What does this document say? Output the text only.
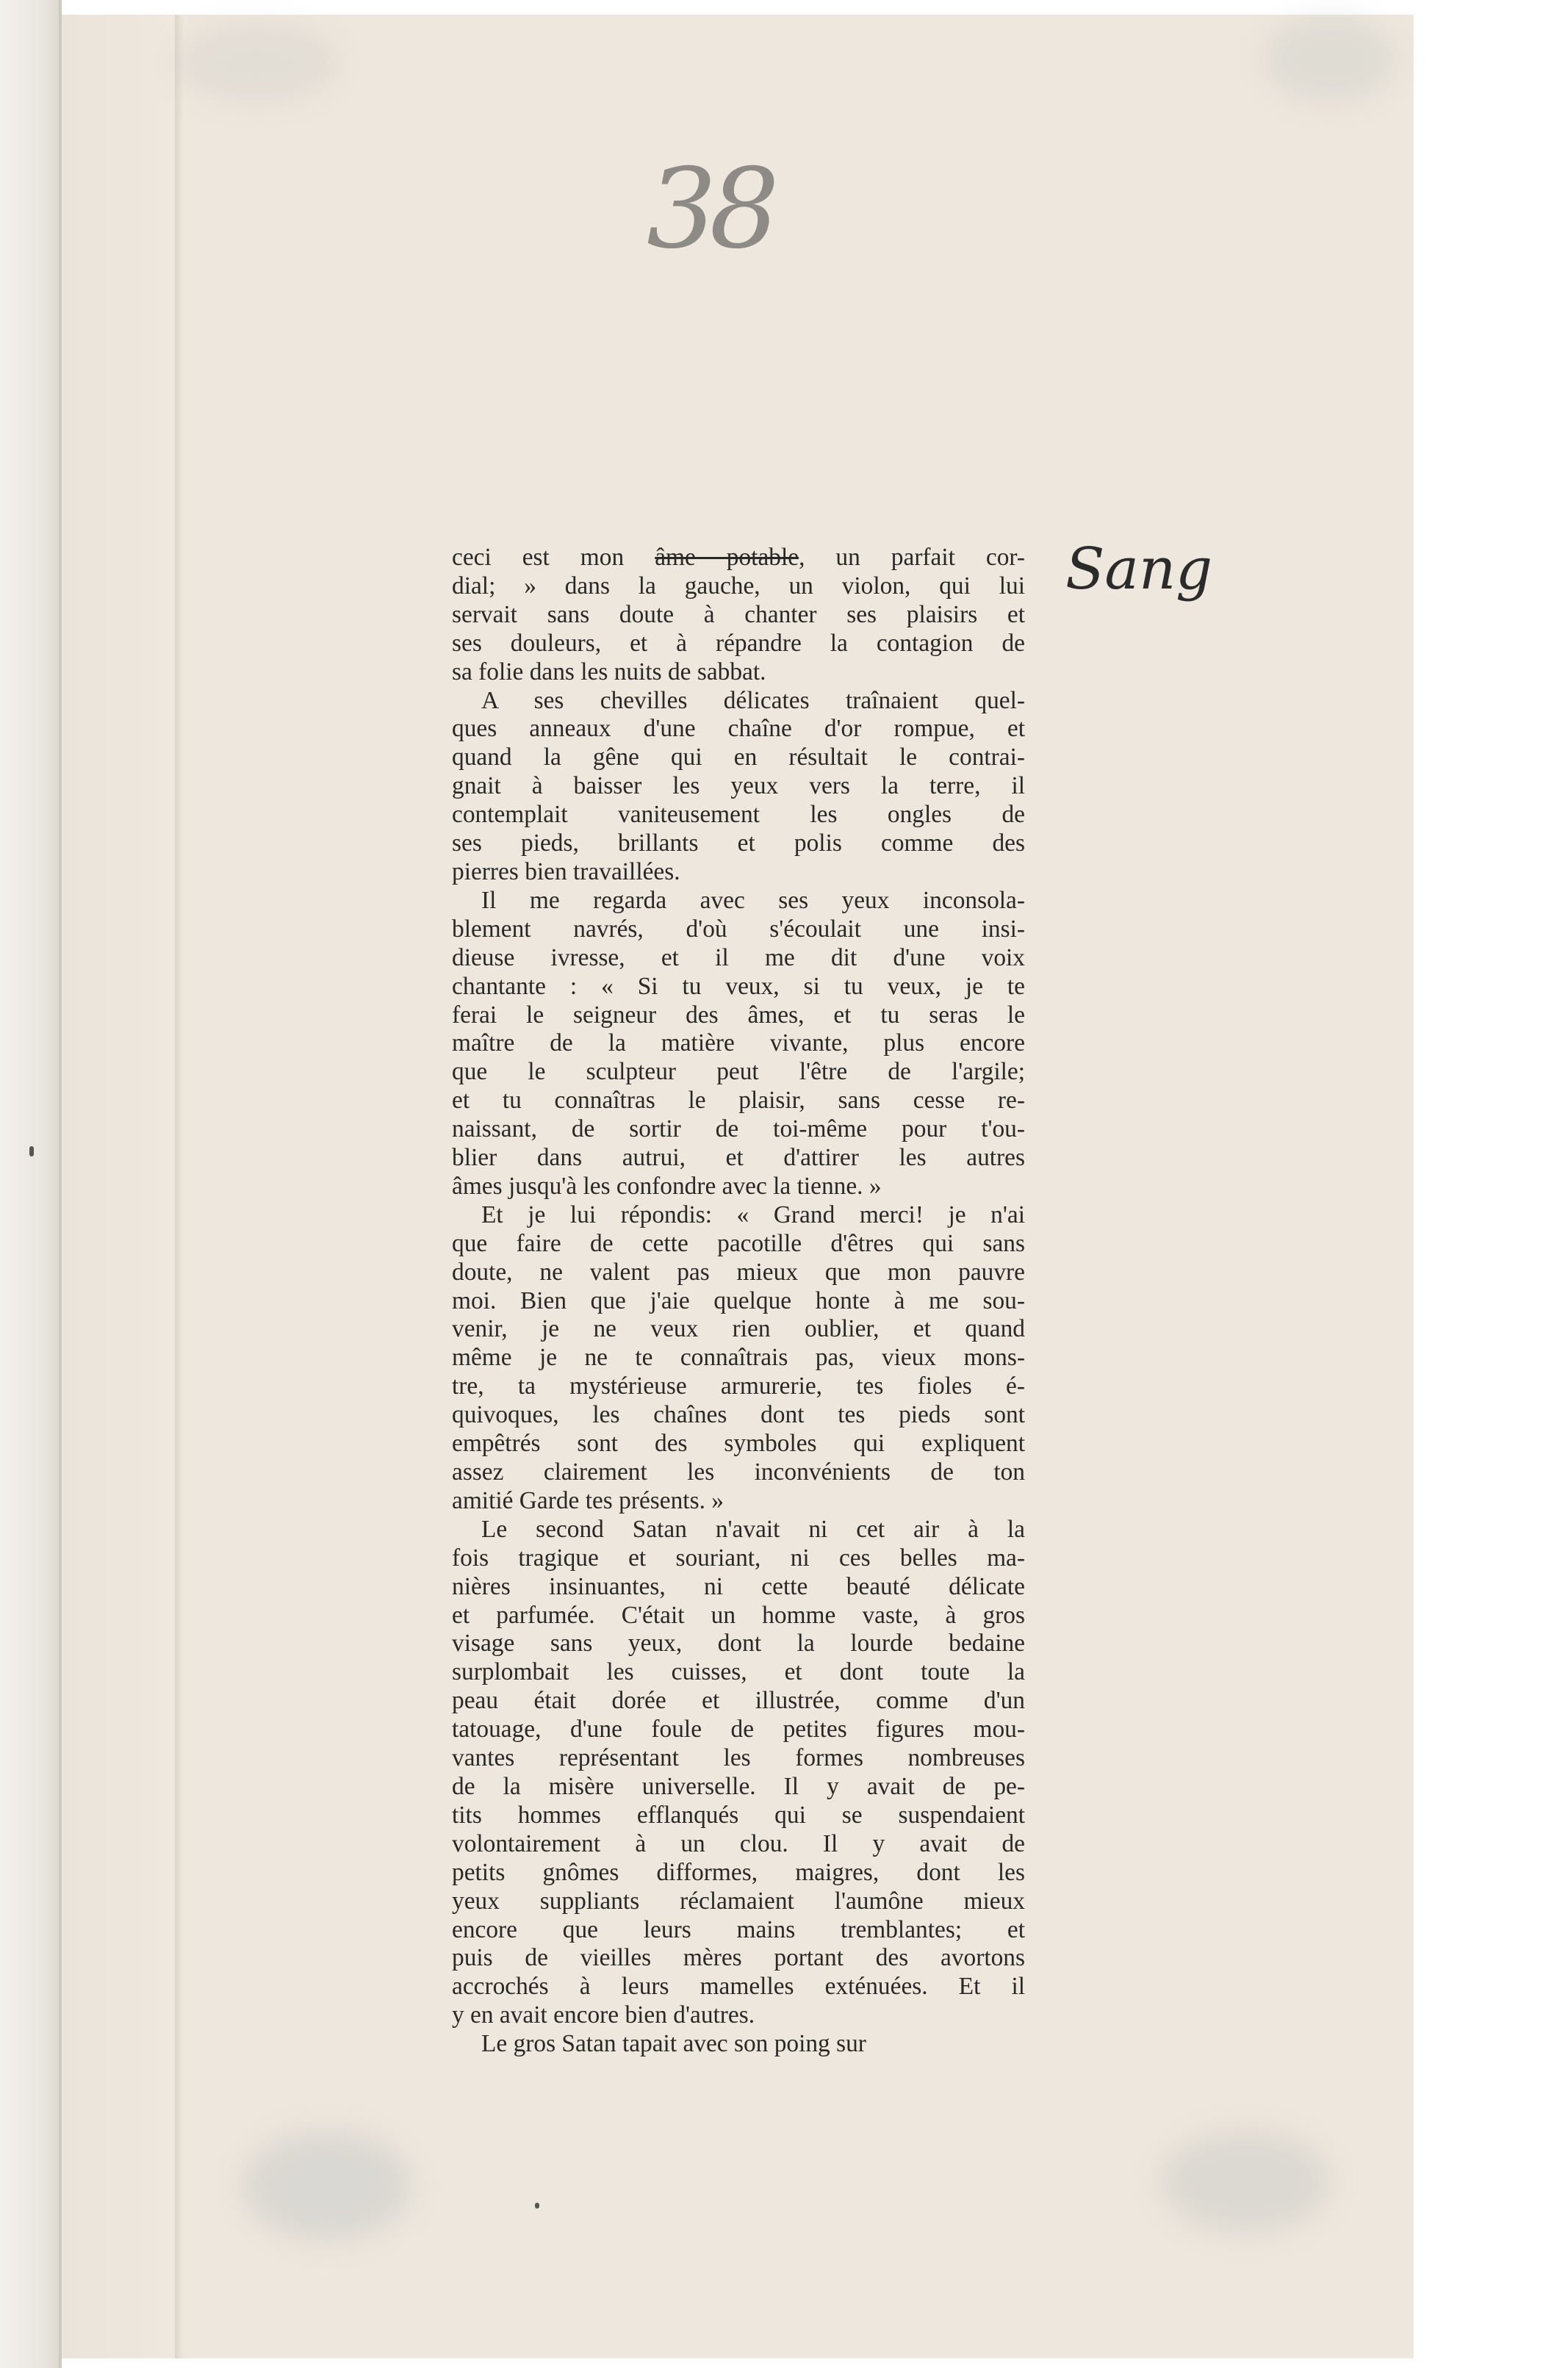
38
Sang
ceci est mon âme potable, un parfait cor-
dial; » dans la gauche, un violon, qui lui
servait sans doute à chanter ses plaisirs et
ses douleurs, et à répandre la contagion de
sa folie dans les nuits de sabbat.
A ses chevilles délicates traînaient quel-
ques anneaux d'une chaîne d'or rompue, et
quand la gêne qui en résultait le contrai-
gnait à baisser les yeux vers la terre, il
contemplait vaniteusement les ongles de
ses pieds, brillants et polis comme des
pierres bien travaillées.
Il me regarda avec ses yeux inconsola-
blement navrés, d'où s'écoulait une insi-
dieuse ivresse, et il me dit d'une voix
chantante : « Si tu veux, si tu veux, je te
ferai le seigneur des âmes, et tu seras le
maître de la matière vivante, plus encore
que le sculpteur peut l'être de l'argile;
et tu connaîtras le plaisir, sans cesse re-
naissant, de sortir de toi-même pour t'ou-
blier dans autrui, et d'attirer les autres
âmes jusqu'à les confondre avec la tienne. »
Et je lui répondis: « Grand merci! je n'ai
que faire de cette pacotille d'êtres qui sans
doute, ne valent pas mieux que mon pauvre
moi. Bien que j'aie quelque honte à me sou-
venir, je ne veux rien oublier, et quand
même je ne te connaîtrais pas, vieux mons-
tre, ta mystérieuse armurerie, tes fioles é-
quivoques, les chaînes dont tes pieds sont
empêtrés sont des symboles qui expliquent
assez clairement les inconvénients de ton
amitié Garde tes présents. »
Le second Satan n'avait ni cet air à la
fois tragique et souriant, ni ces belles ma-
nières insinuantes, ni cette beauté délicate
et parfumée. C'était un homme vaste, à gros
visage sans yeux, dont la lourde bedaine
surplombait les cuisses, et dont toute la
peau était dorée et illustrée, comme d'un
tatouage, d'une foule de petites figures mou-
vantes représentant les formes nombreuses
de la misère universelle. Il y avait de pe-
tits hommes efflanqués qui se suspendaient
volontairement à un clou. Il y avait de
petits gnômes difformes, maigres, dont les
yeux suppliants réclamaient l'aumône mieux
encore que leurs mains tremblantes; et
puis de vieilles mères portant des avortons
accrochés à leurs mamelles exténuées. Et il
y en avait encore bien d'autres.
Le gros Satan tapait avec son poing sur
